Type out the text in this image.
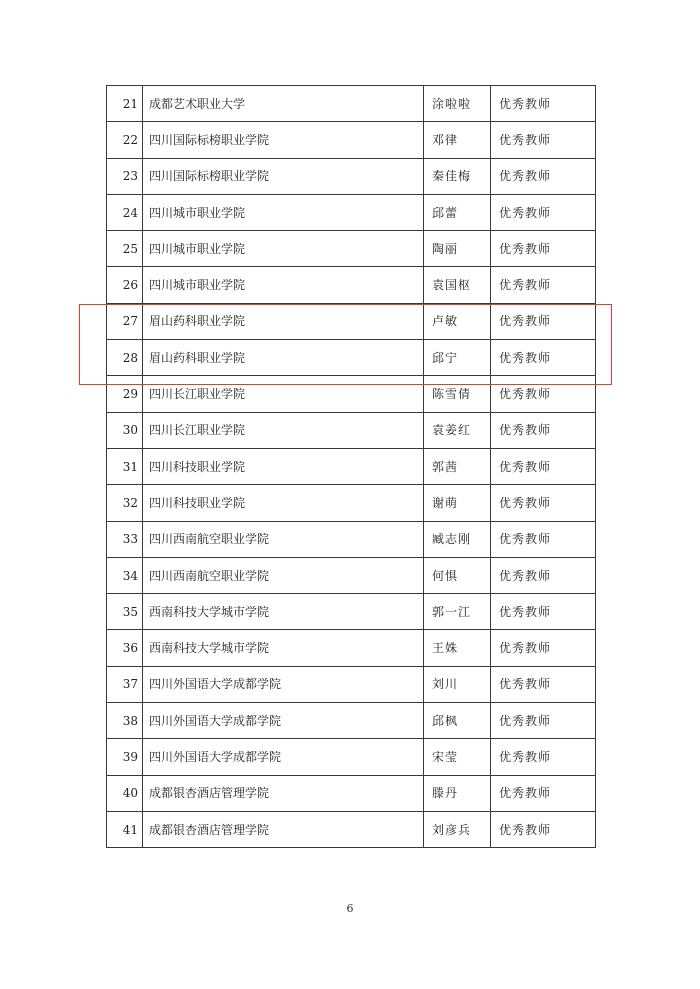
21	成都艺术职业大学	涂啦啦	优秀教师
22	四川国际标榜职业学院	邓律	优秀教师
23	四川国际标榜职业学院	秦佳梅	优秀教师
24	四川城市职业学院	邱蕾	优秀教师
25	四川城市职业学院	陶丽	优秀教师
26	四川城市职业学院	袁国枢	优秀教师
27	眉山药科职业学院	卢敏	优秀教师
28	眉山药科职业学院	邱宁	优秀教师
29	四川长江职业学院	陈雪倩	优秀教师
30	四川长江职业学院	袁姜红	优秀教师
31	四川科技职业学院	郭茜	优秀教师
32	四川科技职业学院	谢萌	优秀教师
33	四川西南航空职业学院	臧志刚	优秀教师
34	四川西南航空职业学院	何惧	优秀教师
35	西南科技大学城市学院	郭一江	优秀教师
36	西南科技大学城市学院	王姝	优秀教师
37	四川外国语大学成都学院	刘川	优秀教师
38	四川外国语大学成都学院	邱枫	优秀教师
39	四川外国语大学成都学院	宋莹	优秀教师
40	成都银杏酒店管理学院	滕丹	优秀教师
41	成都银杏酒店管理学院	刘彦兵	优秀教师
6
